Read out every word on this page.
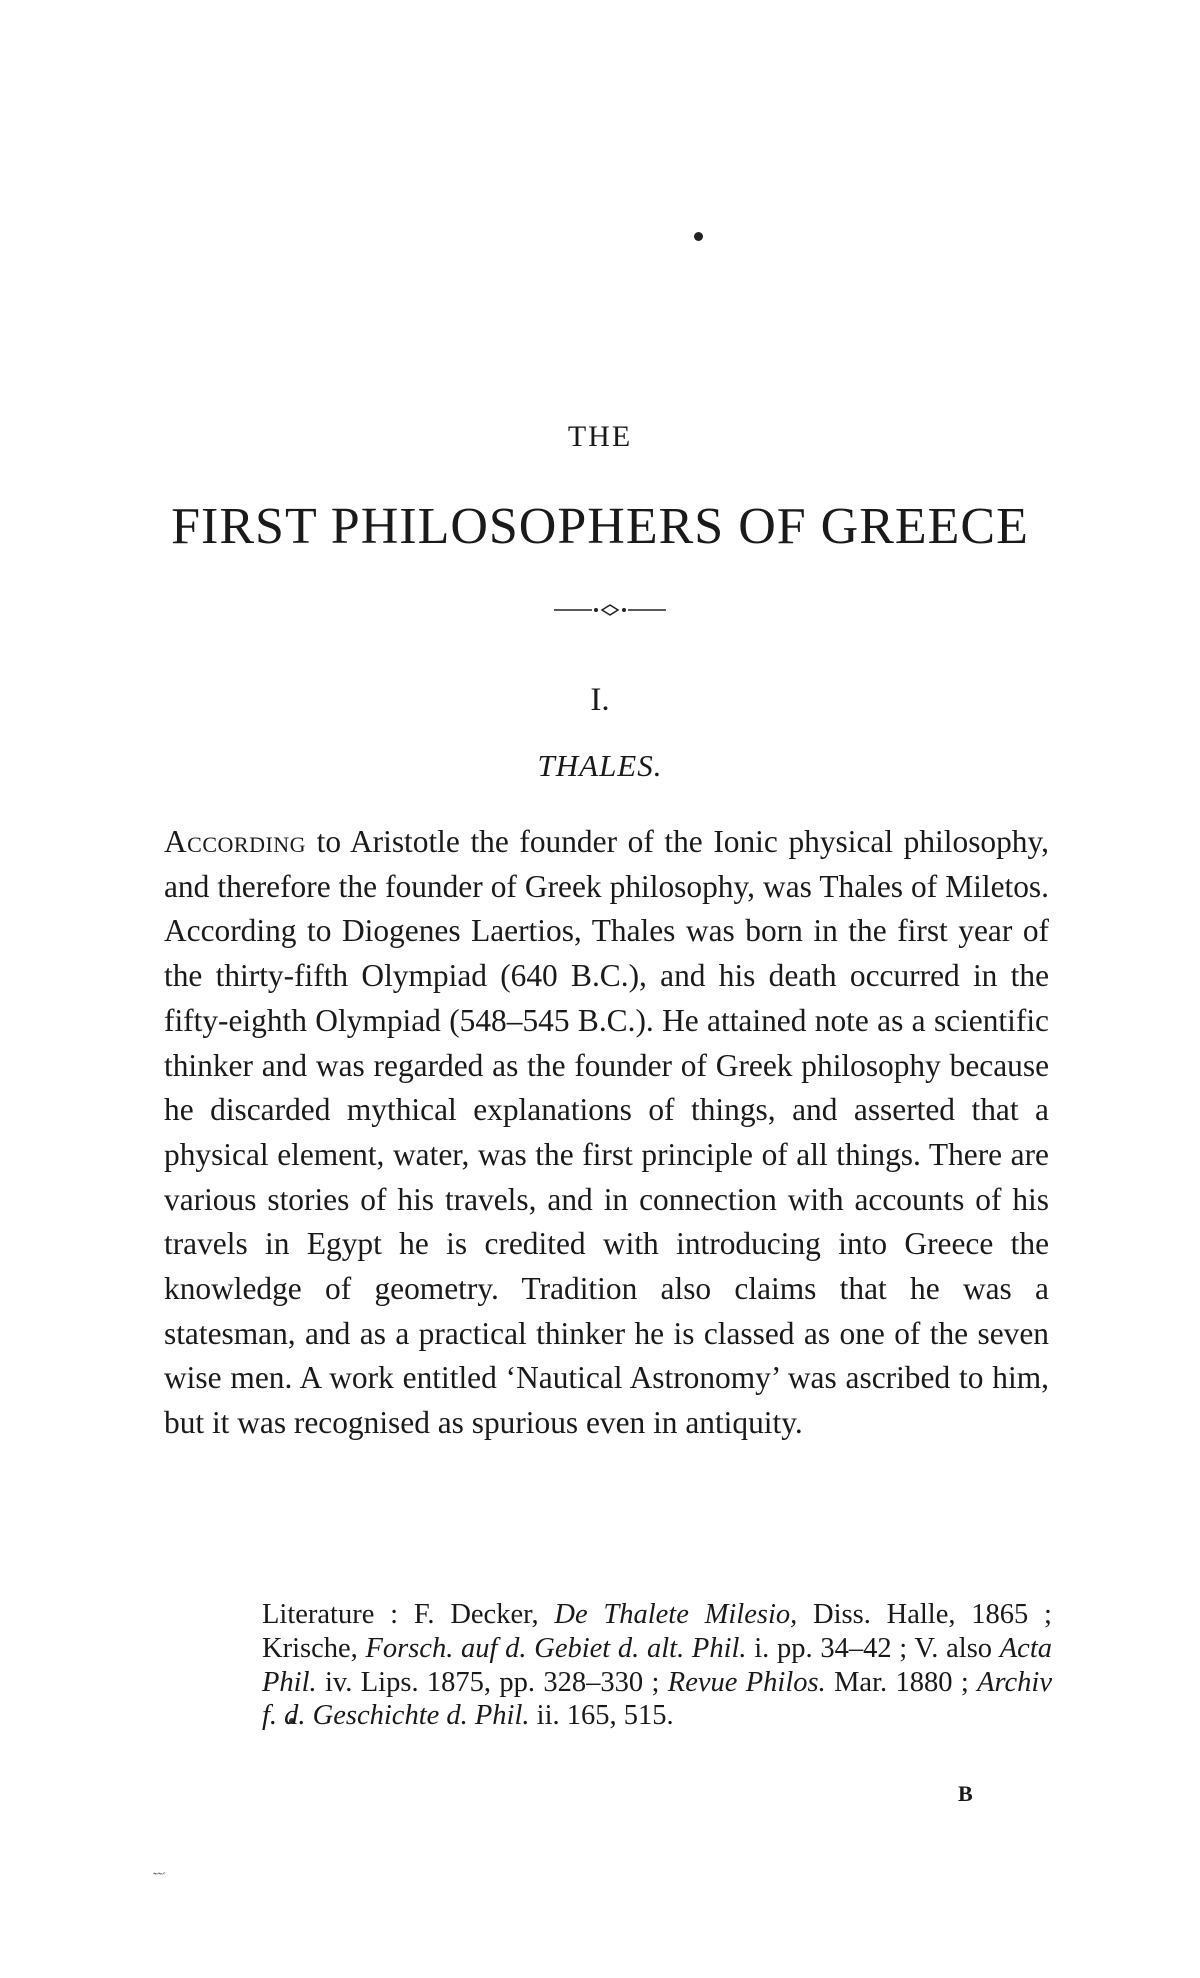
THE
FIRST PHILOSOPHERS OF GREECE
I.
THALES.

According to Aristotle the founder of the Ionic physical philosophy, and therefore the founder of Greek philosophy, was Thales of Miletos. According to Diogenes Laertios, Thales was born in the first year of the thirty-fifth Olympiad (640 B.C.), and his death occurred in the fifty-eighth Olympiad (548–545 B.C.). He attained note as a scientific thinker and was regarded as the founder of Greek philosophy because he discarded mythical explanations of things, and asserted that a physical element, water, was the first principle of all things. There are various stories of his travels, and in connection with accounts of his travels in Egypt he is credited with introducing into Greece the knowledge of geometry. Tradition also claims that he was a statesman, and as a practical thinker he is classed as one of the seven wise men. A work entitled ‘Nautical Astronomy’ was ascribed to him, but it was recognised as spurious even in antiquity.

Literature : F. Decker, De Thalete Milesio, Diss. Halle, 1865 ; Krische, Forsch. auf d. Gebiet d. alt. Phil. i. pp. 34–42 ; V. also Acta Phil. iv. Lips. 1875, pp. 328–330 ; Revue Philos. Mar. 1880 ; Archiv f. d. Geschichte d. Phil. ii. 165, 515.

B
˜˜ˊ
